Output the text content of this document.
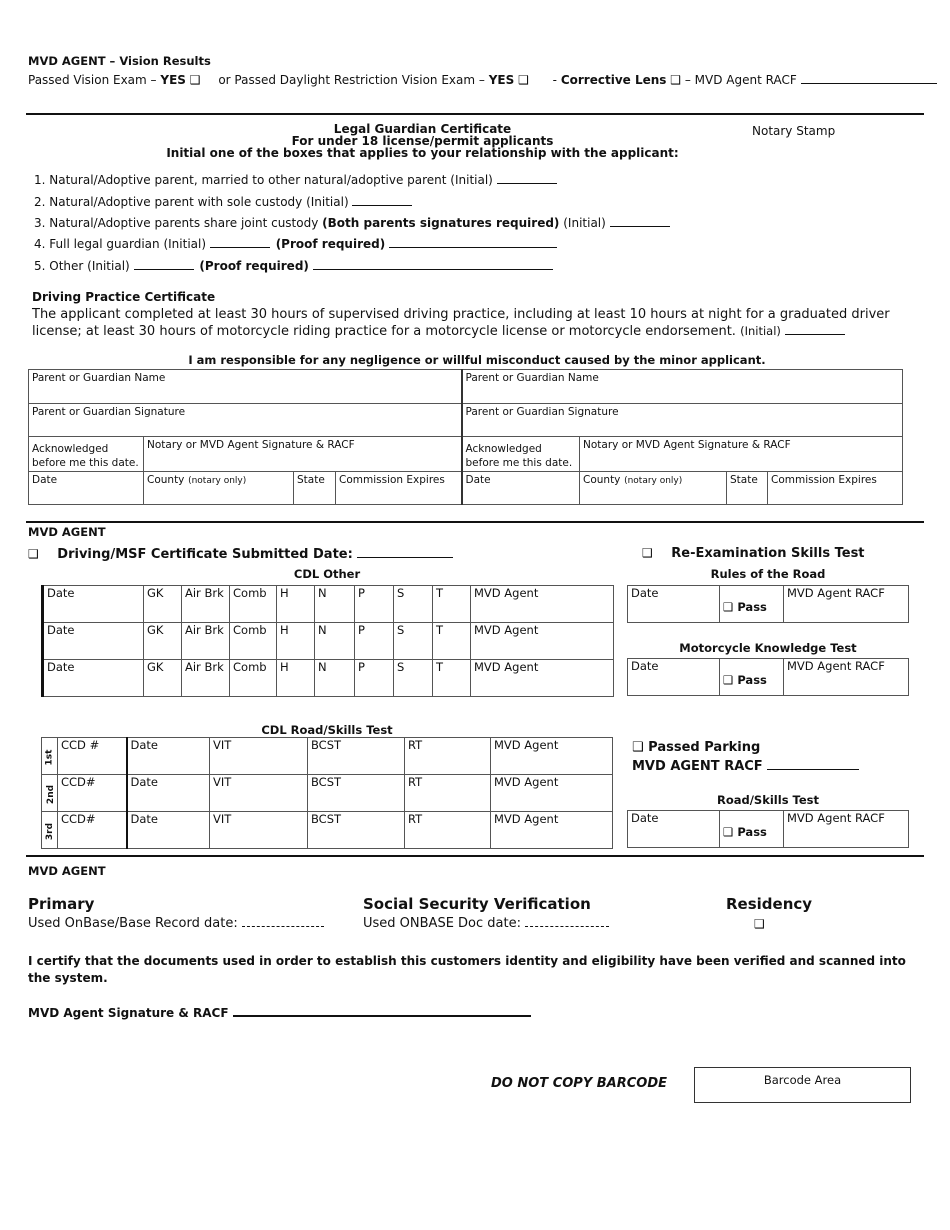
MVD AGENT – Vision Results
Passed Vision Exam – YES ❑ or Passed Daylight Restriction Vision Exam – YES ❑ - Corrective Lens ❑ – MVD Agent RACF
Legal Guardian Certificate
For under 18 license/permit applicants
Initial one of the boxes that applies to your relationship with the applicant:
Notary Stamp
1. Natural/Adoptive parent, married to other natural/adoptive parent (Initial)
2. Natural/Adoptive parent with sole custody (Initial)
3. Natural/Adoptive parents share joint custody (Both parents signatures required) (Initial)
4. Full legal guardian (Initial)	(Proof required)
5. Other (Initial)	(Proof required)
Driving Practice Certificate
The applicant completed at least 30 hours of supervised driving practice, including at least 10 hours at night for a graduated driver
license; at least 30 hours of motorcycle riding practice for a motorcycle license or motorcycle endorsement. (Initial)
I am responsible for any negligence or willful misconduct caused by the minor applicant.
Parent or Guardian Name				Parent or Guardian Name			
Parent or Guardian Signature				Parent or Guardian Signature			
Acknowledged before me this date.	Notary or MVD Agent Signature & RACF			Acknowledged before me this date.	Notary or MVD Agent Signature & RACF		
Date	County (notary only)	State	Commission Expires	Date	County (notary only)	State	Commission Expires
MVD AGENT
❑ Driving/MSF Certificate Submitted Date:	❑ Re-Examination Skills Test
CDL Other
Date	GK	Air Brk	Comb	H	N	P	S	T	MVD Agent
Date	GK	Air Brk	Comb	H	N	P	S	T	MVD Agent
Date	GK	Air Brk	Comb	H	N	P	S	T	MVD Agent
Rules of the Road
Date	❑ Pass	MVD Agent RACF
Motorcycle Knowledge Test
Date	❑ Pass	MVD Agent RACF
CDL Road/Skills Test
1st	CCD #	Date	VIT	BCST	RT	MVD Agent
2nd	CCD#	Date	VIT	BCST	RT	MVD Agent
3rd	CCD#	Date	VIT	BCST	RT	MVD Agent
❑ Passed Parking
MVD AGENT RACF
Road/Skills Test
Date	❑ Pass	MVD Agent RACF
MVD AGENT
Primary
Used OnBase/Base Record date:
Social Security Verification
Used ONBASE Doc date:
Residency
❑
I certify that the documents used in order to establish this customers identity and eligibility have been verified and scanned into the system.
MVD Agent Signature & RACF
DO NOT COPY BARCODE	Barcode Area
